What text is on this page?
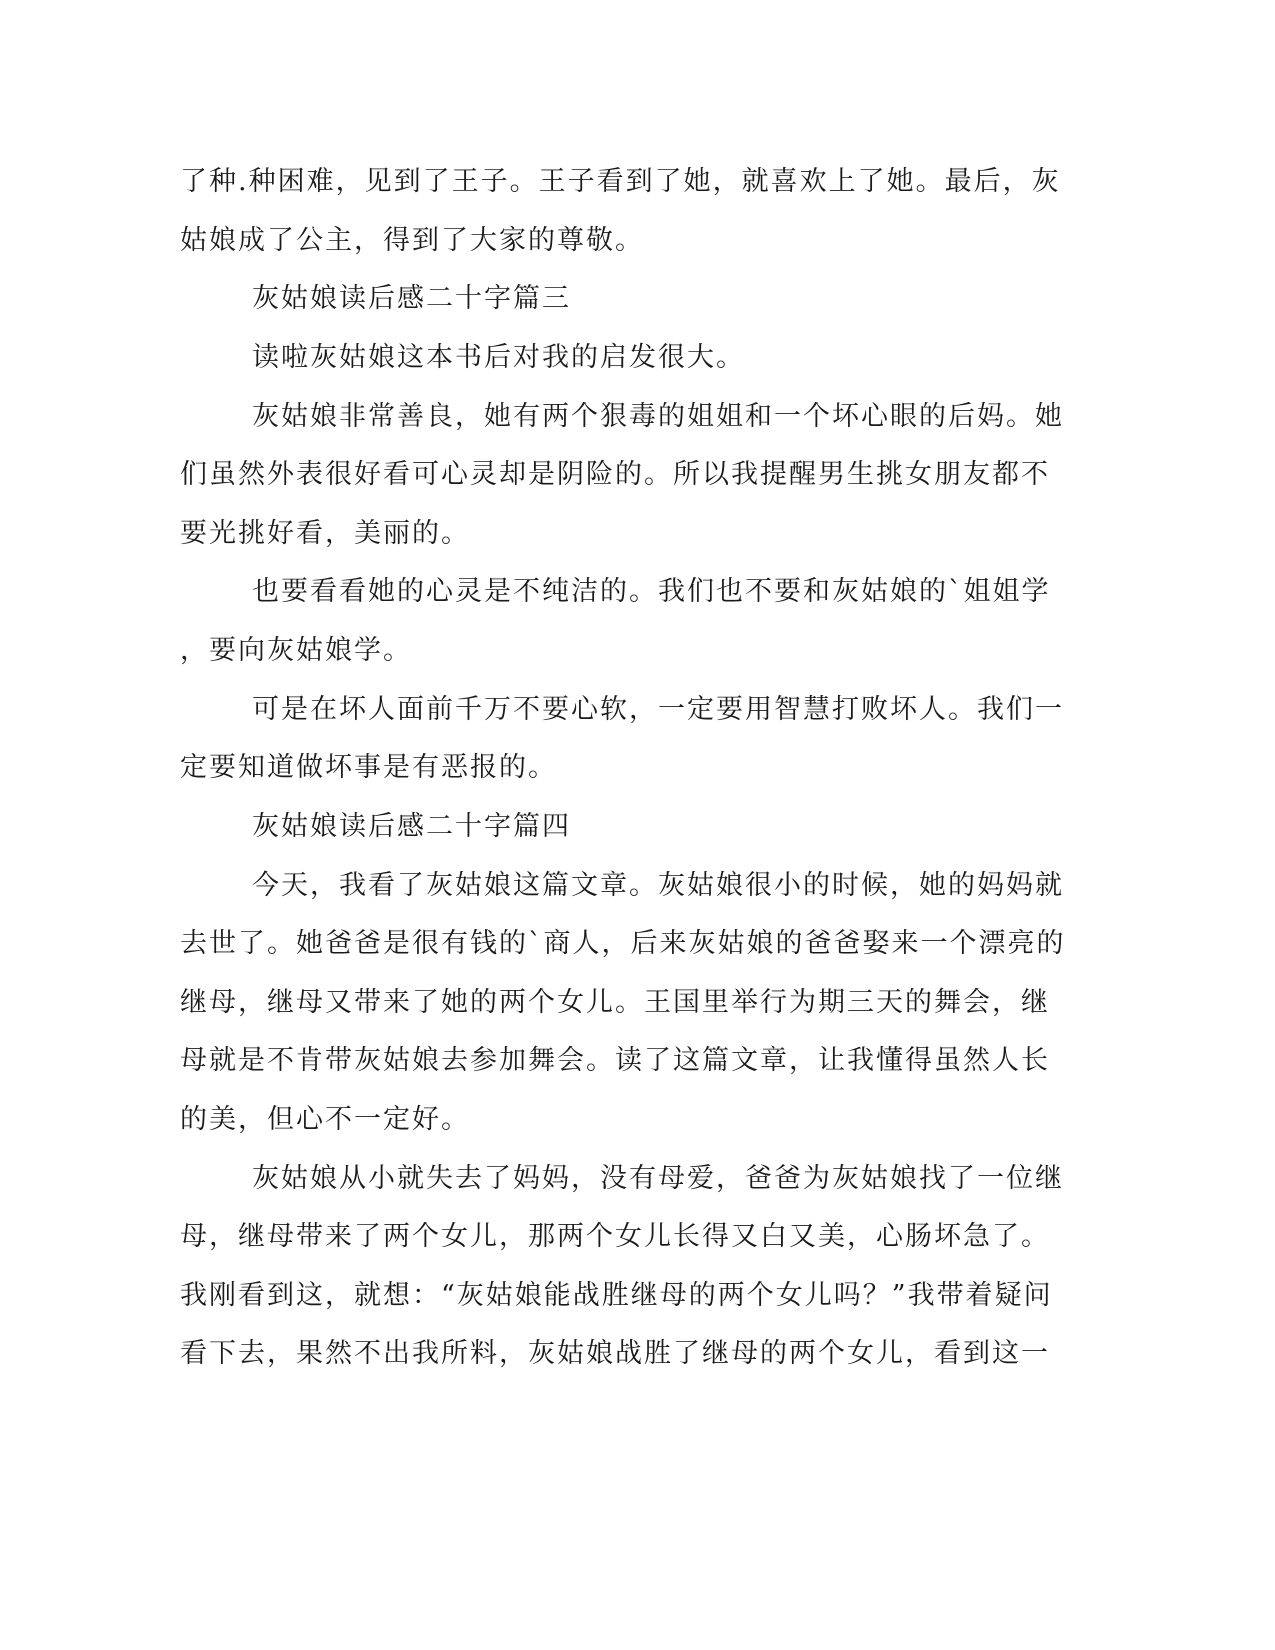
了种.种困难，见到了王子。王子看到了她，就喜欢上了她。最后，灰
姑娘成了公主，得到了大家的尊敬。
灰姑娘读后感二十字篇三
读啦灰姑娘这本书后对我的启发很大。
灰姑娘非常善良，她有两个狠毒的姐姐和一个坏心眼的后妈。她
们虽然外表很好看可心灵却是阴险的。所以我提醒男生挑女朋友都不
要光挑好看，美丽的。
也要看看她的心灵是不纯洁的。我们也不要和灰姑娘的`姐姐学
，要向灰姑娘学。
可是在坏人面前千万不要心软，一定要用智慧打败坏人。我们一
定要知道做坏事是有恶报的。
灰姑娘读后感二十字篇四
今天，我看了灰姑娘这篇文章。灰姑娘很小的时候，她的妈妈就
去世了。她爸爸是很有钱的`商人，后来灰姑娘的爸爸娶来一个漂亮的
继母，继母又带来了她的两个女儿。王国里举行为期三天的舞会，继
母就是不肯带灰姑娘去参加舞会。读了这篇文章，让我懂得虽然人长
的美，但心不一定好。
灰姑娘从小就失去了妈妈，没有母爱，爸爸为灰姑娘找了一位继
母，继母带来了两个女儿，那两个女儿长得又白又美，心肠坏急了。
我刚看到这，就想：“灰姑娘能战胜继母的两个女儿吗？”我带着疑问
看下去，果然不出我所料，灰姑娘战胜了继母的两个女儿，看到这一
